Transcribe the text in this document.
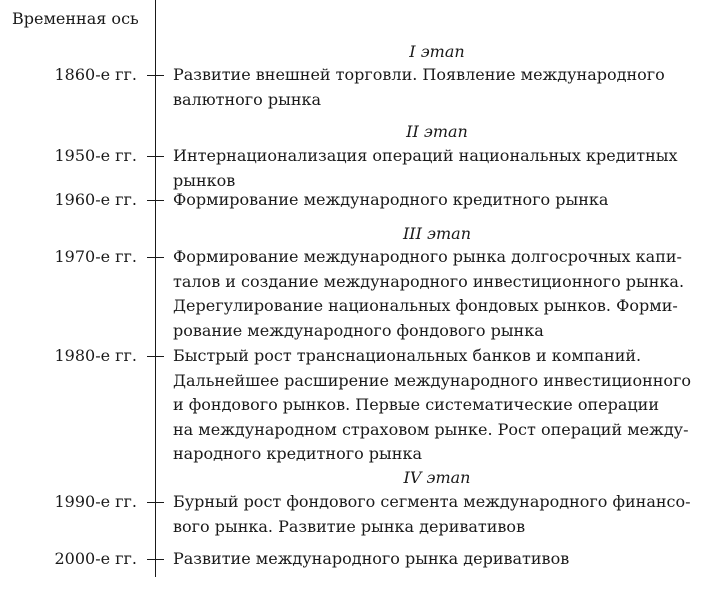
Временная ось
I этап
II этап
III этап
IV этап
1860-е гг. Развитие внешней торговли. Появление международного
валютного рынка
1950-е гг. Интернационализация операций национальных кредитных
рынков
1960-е гг. Формирование международного кредитного рынка
1970-е гг. Формирование международного рынка долгосрочных капи-
талов и создание международного инвестиционного рынка.
Дерегулирование национальных фондовых рынков. Форми-
рование международного фондового рынка
1980-е гг. Быстрый рост транснациональных банков и компаний.
Дальнейшее расширение международного инвестиционного
и фондового рынков. Первые систематические операции
на международном страховом рынке. Рост операций между-
народного кредитного рынка
1990-е гг. Бурный рост фондового сегмента международного финансо-
вого рынка. Развитие рынка деривативов
2000-е гг. Развитие международного рынка деривативов
